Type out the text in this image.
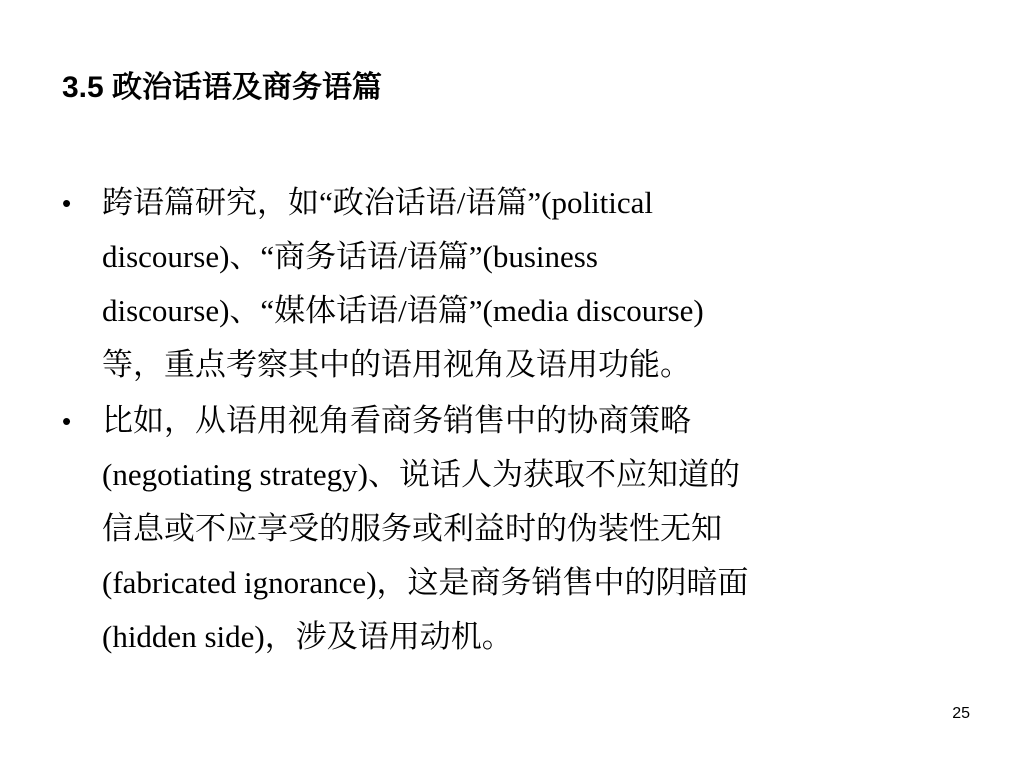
3.5 政治话语及商务语篇
• 跨语篇研究，如“政治话语/语篇”(political
discourse)、“商务话语/语篇”(business
discourse)、“媒体话语/语篇”(media discourse)
等，重点考察其中的语用视角及语用功能。
• 比如，从语用视角看商务销售中的协商策略
(negotiating strategy)、说话人为获取不应知道的
信息或不应享受的服务或利益时的伪装性无知
(fabricated ignorance)，这是商务销售中的阴暗面
(hidden side)，涉及语用动机。
25
